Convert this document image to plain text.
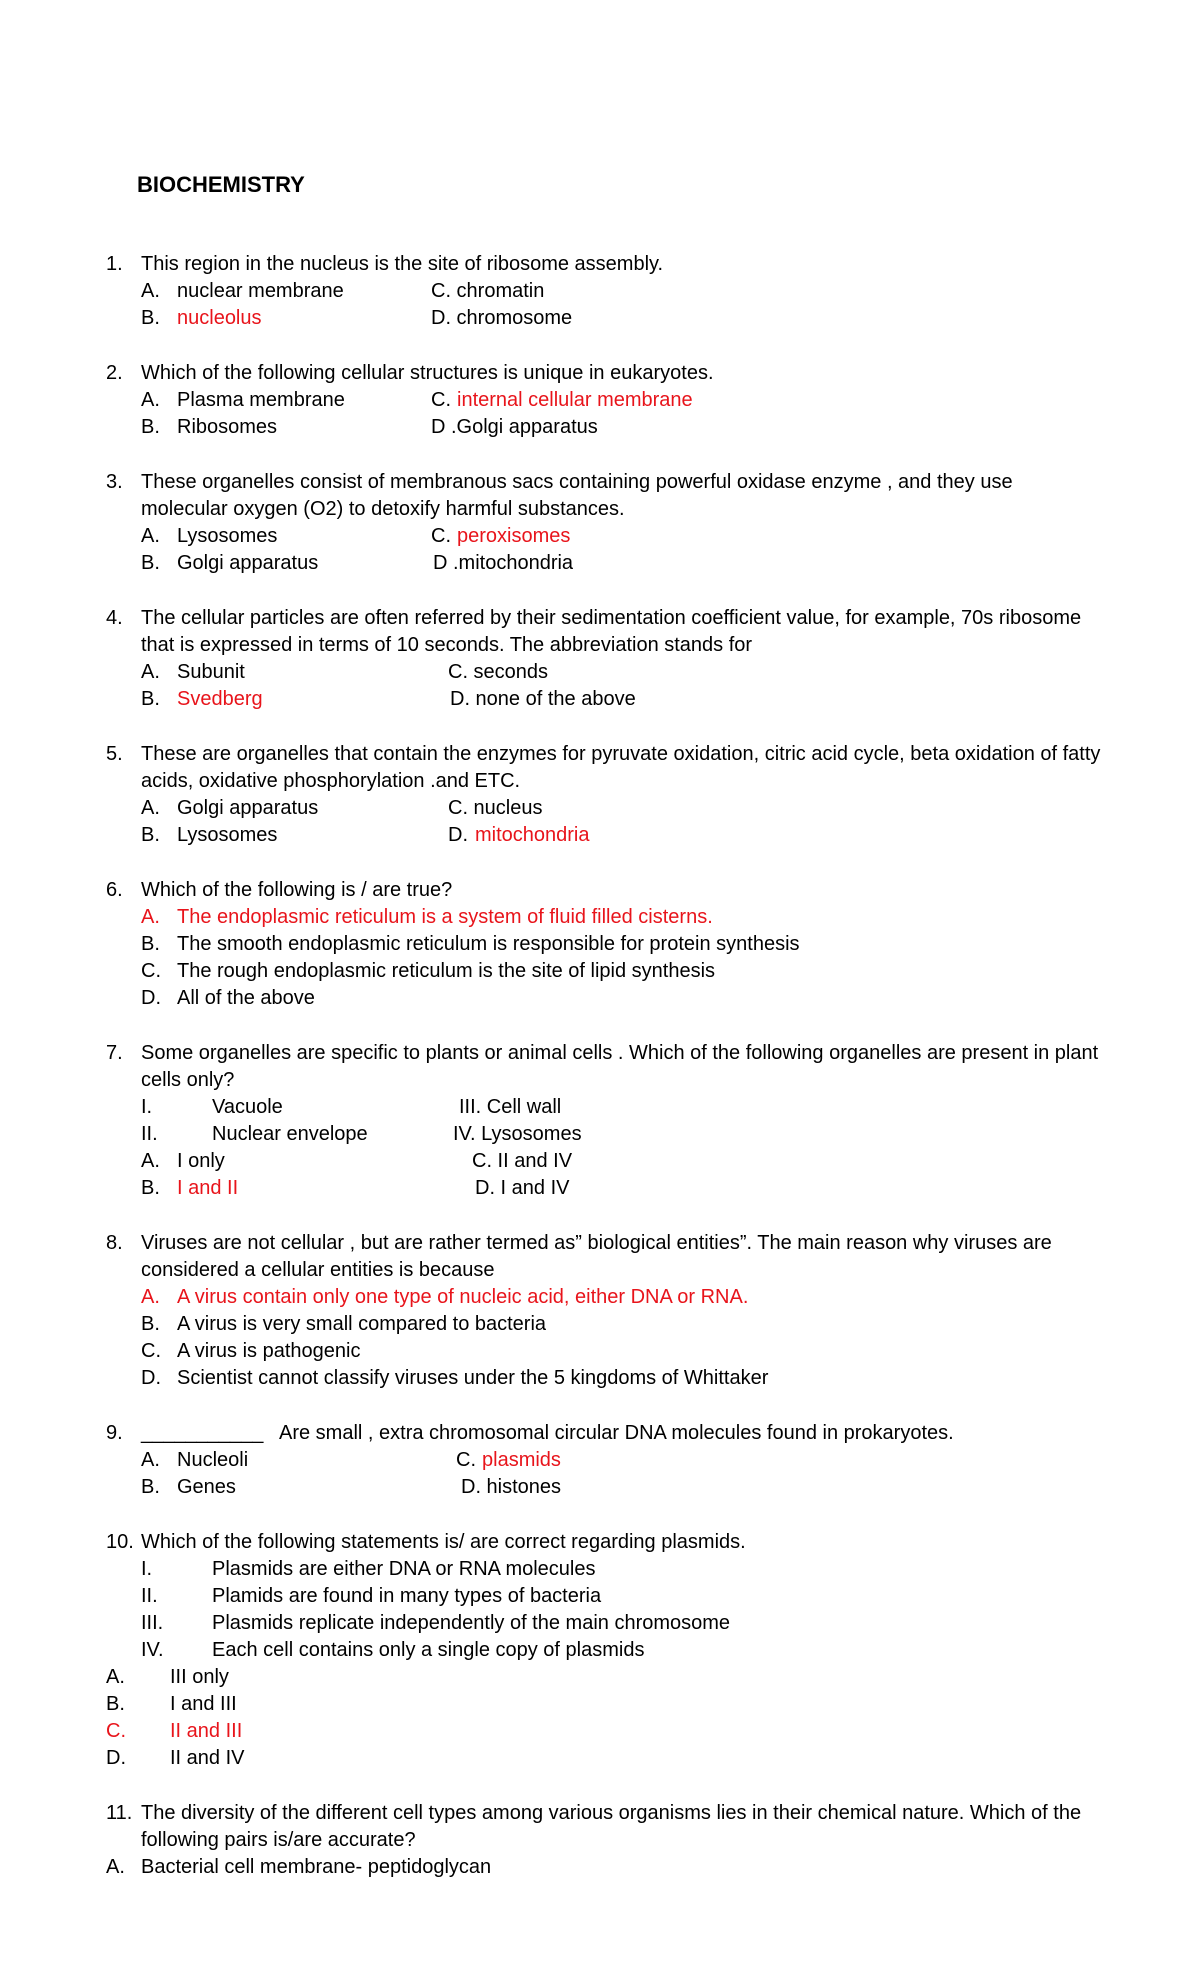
BIOCHEMISTRY
1. This region in the nucleus is the site of ribosome assembly.
A. nuclear membrane	C. chromatin
B. nucleolus	D. chromosome
2. Which of the following cellular structures is unique in eukaryotes.
A. Plasma membrane	C. internal cellular membrane
B. Ribosomes	D .Golgi apparatus
3. These organelles consist of membranous sacs containing powerful oxidase enzyme , and they use
molecular oxygen (O2) to detoxify harmful substances.
A. Lysosomes	C. peroxisomes
B. Golgi apparatus	D .mitochondria
4. The cellular particles are often referred by their sedimentation coefficient value, for example, 70s ribosome
that is expressed in terms of 10 seconds. The abbreviation stands for
A. Subunit	C. seconds
B. Svedberg	D. none of the above
5. These are organelles that contain the enzymes for pyruvate oxidation, citric acid cycle, beta oxidation of fatty
acids, oxidative phosphorylation .and ETC.
A. Golgi apparatus	C. nucleus
B. Lysosomes	D. mitochondria
6. Which of the following is / are true?
A. The endoplasmic reticulum is a system of fluid filled cisterns.
B. The smooth endoplasmic reticulum is responsible for protein synthesis
C. The rough endoplasmic reticulum is the site of lipid synthesis
D. All of the above
7. Some organelles are specific to plants or animal cells . Which of the following organelles are present in plant
cells only?
I.	Vacuole	III. Cell wall
II.	Nuclear envelope	IV. Lysosomes
A. I only	C. II and IV
B. I and II	D. I and IV
8. Viruses are not cellular , but are rather termed as” biological entities”. The main reason why viruses are
considered a cellular entities is because
A. A virus contain only one type of nucleic acid, either DNA or RNA.
B. A virus is very small compared to bacteria
C. A virus is pathogenic
D. Scientist cannot classify viruses under the 5 kingdoms of Whittaker
9. ___________ Are small , extra chromosomal circular DNA molecules found in prokaryotes.
A. Nucleoli	C. plasmids
B. Genes	D. histones
10. Which of the following statements is/ are correct regarding plasmids.
I.	Plasmids are either DNA or RNA molecules
II.	Plamids are found in many types of bacteria
III. Plasmids replicate independently of the main chromosome
IV. Each cell contains only a single copy of plasmids
A. III only
B. I and III
C. II and III
D. II and IV
11. The diversity of the different cell types among various organisms lies in their chemical nature. Which of the
following pairs is/are accurate?
A. Bacterial cell membrane- peptidoglycan
